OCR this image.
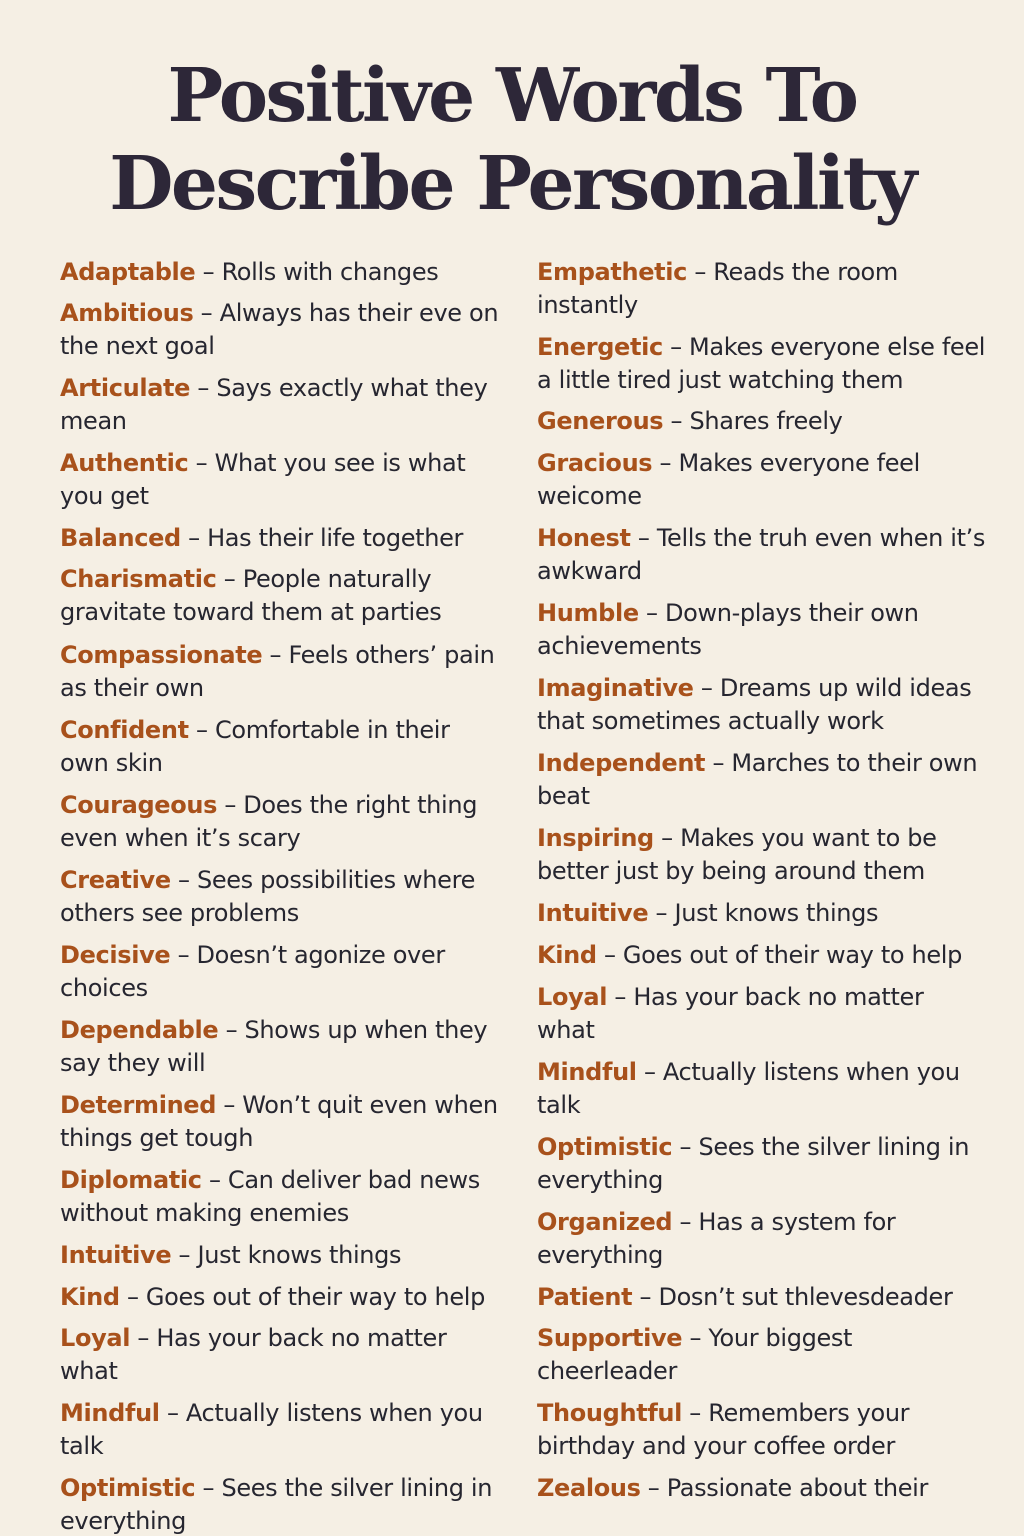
Positive Words To
Describe Personality
Adaptable – Rolls with changes
Ambitious – Always has their eve on the next goal
Articulate – Says exactly what they mean
Authentic – What you see is what you get
Balanced – Has their life together
Charismatic – People naturally gravitate toward them at parties
Compassionate – Feels others’ pain as their own
Confident – Comfortable in their own skin
Courageous – Does the right thing even when it’s scary
Creative – Sees possibilities where others see problems
Decisive – Doesn’t agonize over choices
Dependable – Shows up when they say they will
Determined – Won’t quit even when things get tough
Diplomatic – Can deliver bad news without making enemies
Intuitive – Just knows things
Kind – Goes out of their way to help
Loyal – Has your back no matter what
Mindful – Actually listens when you talk
Optimistic – Sees the silver lining in everything
Empathetic – Reads the room instantly
Energetic – Makes everyone else feel a little tired just watching them
Generous – Shares freely
Gracious – Makes everyone feel weicome
Honest – Tells the truh even when it’s awkward
Humble – Down-plays their own achievements
Imaginative – Dreams up wild ideas that sometimes actually work
Independent – Marches to their own beat
Inspiring – Makes you want to be better just by being around them
Intuitive – Just knows things
Kind – Goes out of their way to help
Loyal – Has your back no matter what
Mindful – Actually listens when you talk
Optimistic – Sees the silver lining in everything
Organized – Has a system for everything
Patient – Dosn’t sut thlevesdeader
Supportive – Your biggest cheerleader
Thoughtful – Remembers your birthday and your coffee order
Zealous – Passionate about their
